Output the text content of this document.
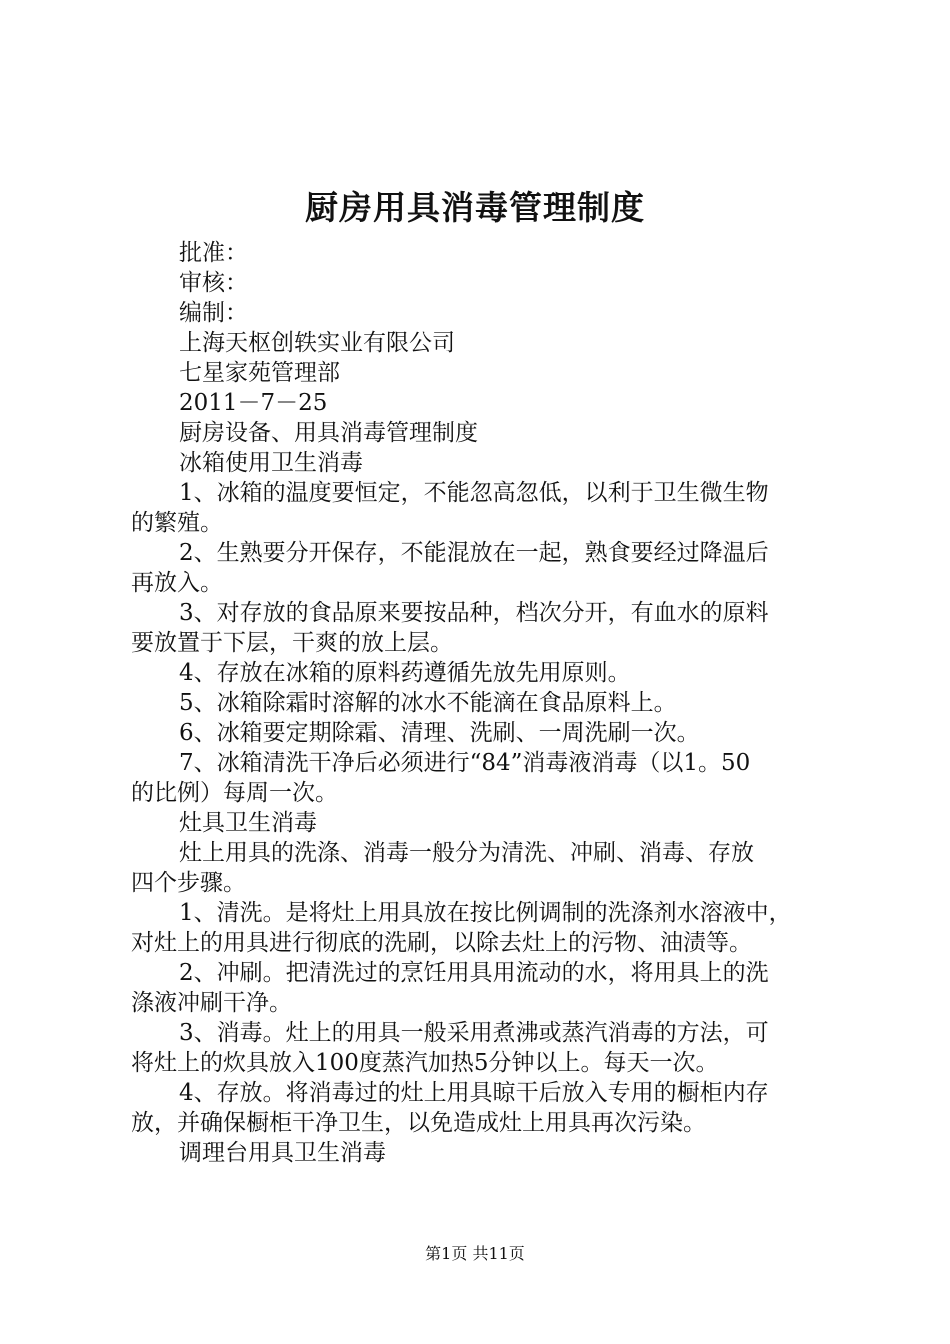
厨房用具消毒管理制度
批准：
审核：
编制：
上海天枢创轶实业有限公司
七星家苑管理部
2011－7－25
厨房设备、用具消毒管理制度
冰箱使用卫生消毒
1、冰箱的温度要恒定，不能忽高忽低，以利于卫生微生物
的繁殖。
2、生熟要分开保存，不能混放在一起，熟食要经过降温后
再放入。
3、对存放的食品原来要按品种，档次分开，有血水的原料
要放置于下层，干爽的放上层。
4、存放在冰箱的原料药遵循先放先用原则。
5、冰箱除霜时溶解的冰水不能滴在食品原料上。
6、冰箱要定期除霜、清理、洗刷、一周洗刷一次。
7、冰箱清洗干净后必须进行“84”消毒液消毒（以1。50
的比例）每周一次。
灶具卫生消毒
灶上用具的洗涤、消毒一般分为清洗、冲刷、消毒、存放
四个步骤。
1、清洗。是将灶上用具放在按比例调制的洗涤剂水溶液中，
对灶上的用具进行彻底的洗刷，以除去灶上的污物、油渍等。
2、冲刷。把清洗过的烹饪用具用流动的水，将用具上的洗
涤液冲刷干净。
3、消毒。灶上的用具一般采用煮沸或蒸汽消毒的方法，可
将灶上的炊具放入100度蒸汽加热5分钟以上。每天一次。
4、存放。将消毒过的灶上用具晾干后放入专用的橱柜内存
放，并确保橱柜干净卫生，以免造成灶上用具再次污染。
调理台用具卫生消毒
第1页 共11页
